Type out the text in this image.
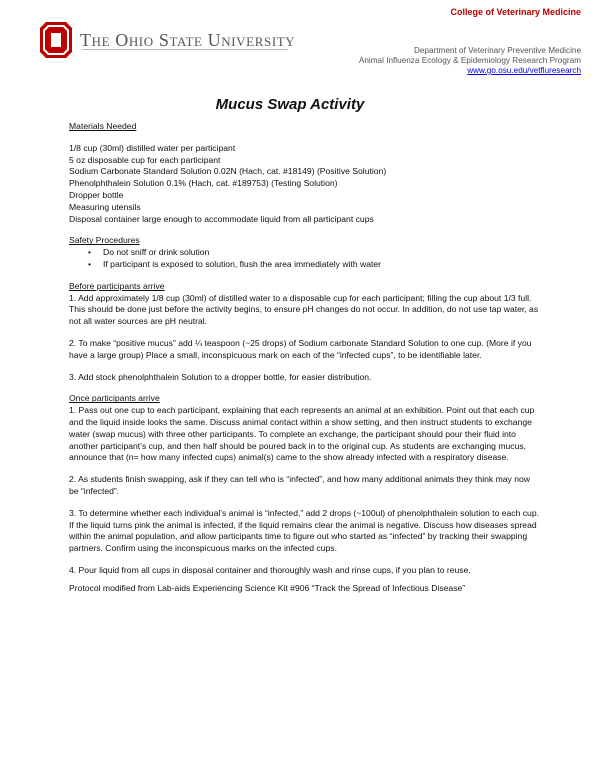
The Ohio State University
College of Veterinary Medicine
Department of Veterinary Preventive Medicine
Animal Influenza Ecology & Epidemiology Research Program
www.go.osu.edu/vetfluresearch
Mucus Swap Activity

Materials Needed

1/8 cup (30ml) distilled water per participant

5 oz disposable cup for each participant

Sodium Carbonate Standard Solution 0.02N (Hach, cat. #18149) (Positive Solution)

Phenolphthalein Solution 0.1% (Hach, cat. #189753) (Testing Solution)

Dropper bottle

Measuring utensils

Disposal container large enough to accommodate liquid from all participant cups

Safety Procedures

• Do not sniff or drink solution
• If participant is exposed to solution, flush the area immediately with water

Before participants arrive

1. Add approximately 1/8 cup (30ml) of distilled water to a disposable cup for each participant; filling the cup about 1/3 full. This should be done just before the activity begins, to ensure pH changes do not occur. In addition, do not use tap water, as not all water sources are pH neutral.

2. To make “positive mucus” add ¼ teaspoon (~25 drops) of Sodium carbonate Standard Solution to one cup. (More if you have a large group) Place a small, inconspicuous mark on each of the “infected cups”, to be identifiable later.

3. Add stock phenolphthalein Solution to a dropper bottle, for easier distribution.

Once participants arrive

1. Pass out one cup to each participant, explaining that each represents an animal at an exhibition. Point out that each cup and the liquid inside looks the same. Discuss animal contact within a show setting, and then instruct students to exchange water (swap mucus) with three other participants. To complete an exchange, the participant should pour their fluid into another participant’s cup, and then half should be poured back in to the original cup. As students are exchanging mucus, announce that (n= how many infected cups) animal(s) came to the show already infected with a respiratory disease.

2. As students finish swapping, ask if they can tell who is “infected”, and how many additional animals they think may now be “infected”.

3. To determine whether each individual’s animal is “infected,” add 2 drops (~100ul) of phenolphthalein solution to each cup. If the liquid turns pink the animal is infected, if the liquid remains clear the animal is negative. Discuss how diseases spread within the animal population, and allow participants time to figure out who started as “infected” by tracking their swapping partners. Confirm using the inconspicuous marks on the infected cups.

4. Pour liquid from all cups in disposal container and thoroughly wash and rinse cups, if you plan to reuse.

Protocol modified from Lab-aids Experiencing Science Kit #906 “Track the Spread of Infectious Disease”
